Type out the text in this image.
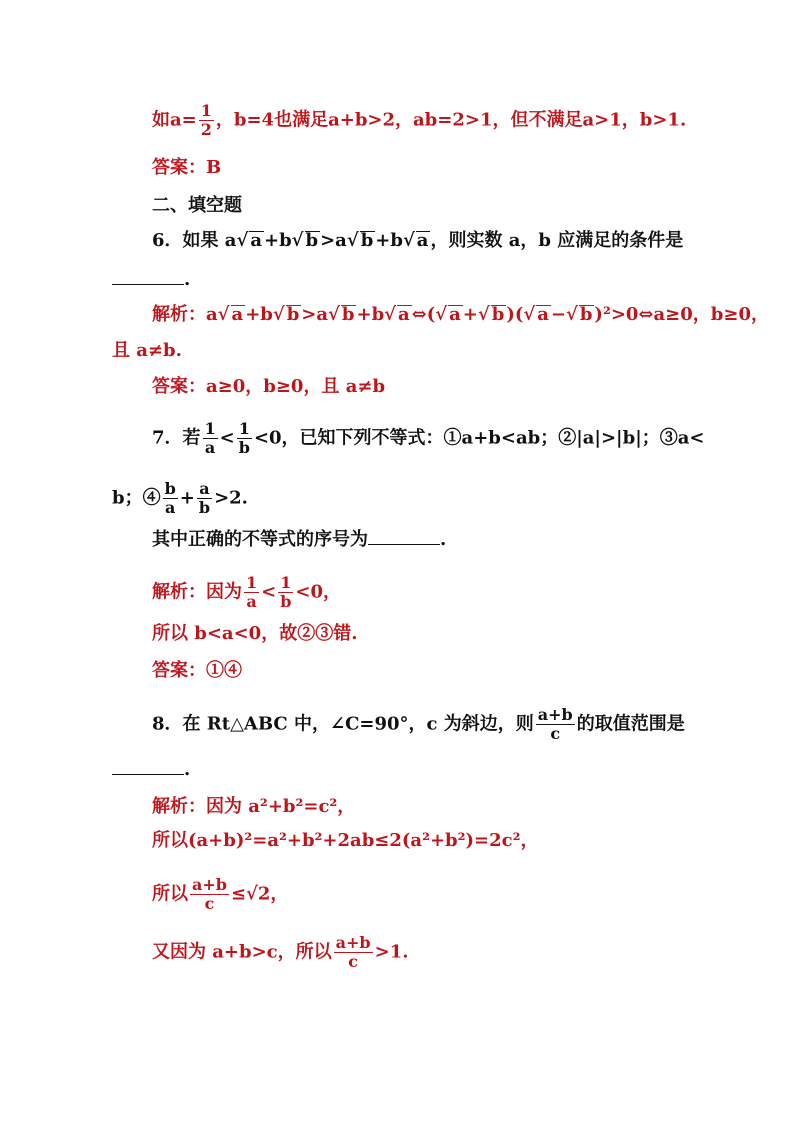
如$a= \frac{1}{2}$ ，b=4也满足a+b>2，ab=2>1，但不满足a>1，b>1.
答案：B
二、填空题
6．如果 a√ a +b√ b >a√ b +b√ a ，则实数 a，b 应满足的条件是
.
解析：a√ a +b√ b >a√ b +b√ a ⇔(√ a +√ b )(√ a −√ b )²>0⇔a≥0，b≥0，
且 a≠b.
答案：a≥0，b≥0，且 a≠b
7．若 $\frac{1}{a} < \frac{1}{b} <0$，已知下列不等式：①a+b<ab；②|a|>|b|；③a<
b；④ $\frac{b}{a} + \frac{a}{b} >2$.
其中正确的不等式的序号为	.
解析：因为 $\frac{1}{a} < \frac{1}{b} <0$，
所以 b<a<0，故②③错.
答案：①④
8．在 Rt△ABC 中，∠C=90°，c 为斜边，则 $\frac{a+b}{c}$ 的取值范围是
.
解析：因为 a²+b²=c²，
所以(a+b)²=a²+b²+2ab≤2(a²+b²)=2c²，
所以 $\frac{a+b}{c} \le√2$，
又因为 a+b>c，所以 $\frac{a+b}{c} >1$.
